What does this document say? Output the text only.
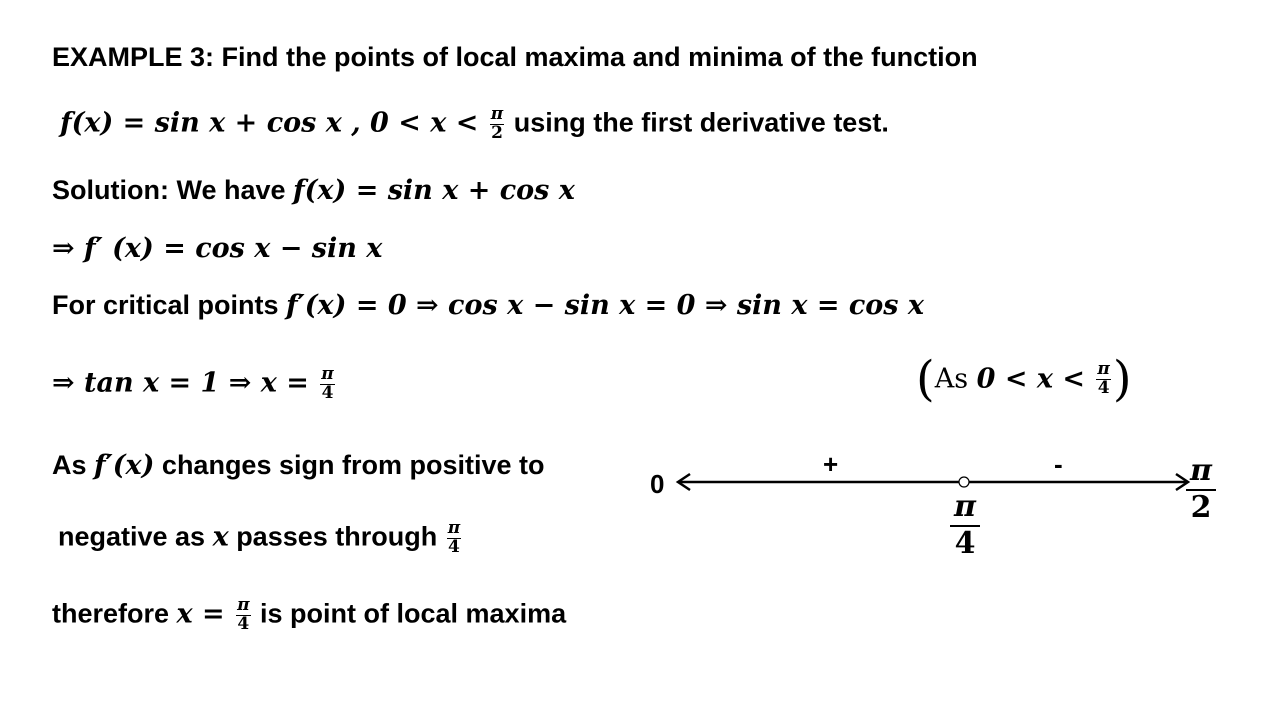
EXAMPLE 3: Find the points of local maxima and minima of the function
f(x) = sin x + cos x , $0 < x < \frac{\pi}{2}$ using the first derivative test.
Solution: We have f(x) = sin x + cos x
⇒ f′ (x) = cos x − sin x
For critical points f′(x) = 0 ⇒ cos x − sin x = 0 ⇒ sin x = cos x
⇒ tan x = 1 ⇒ $x = \frac{\pi}{4}$	(As $0 < x < \frac{\pi}{4}$ )
As f′(x) changes sign from positive to
negative as x passes through $\frac{\pi}{4}$
therefore $x = \frac{\pi}{4}$ is point of local maxima
0
+	-
$\frac{\pi}{4}$
$\frac{\pi}{2}$
